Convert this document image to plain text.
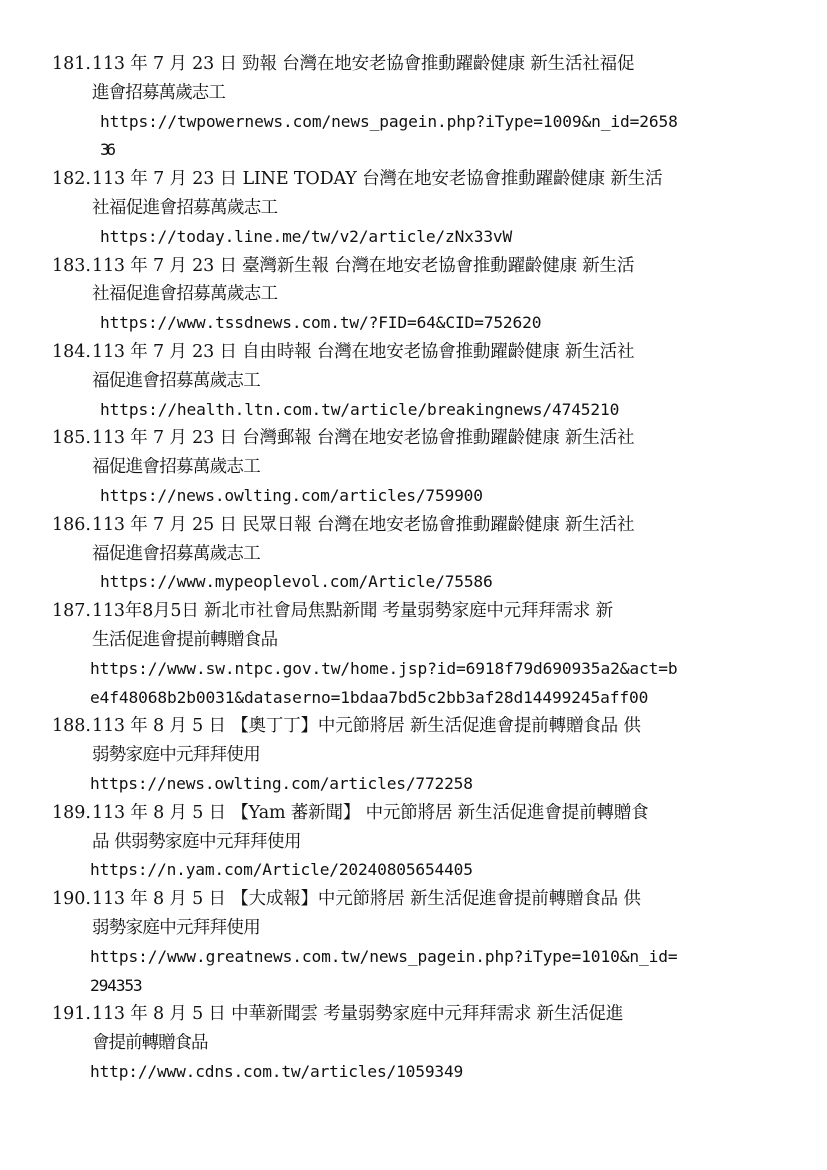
181. 113 年 7 月 23 日 勁報 台灣在地安老協會推動躍齡健康 新生活社福促
進會招募萬歲志工
https://twpowernews.com/news_pagein.php?iType=1009&n_id=2658
36
182. 113 年 7 月 23 日 LINE TODAY 台灣在地安老協會推動躍齡健康 新生活
社福促進會招募萬歲志工
https://today.line.me/tw/v2/article/zNx33vW
183. 113 年 7 月 23 日 臺灣新生報 台灣在地安老協會推動躍齡健康 新生活
社福促進會招募萬歲志工
https://www.tssdnews.com.tw/?FID=64&CID=752620
184. 113 年 7 月 23 日 自由時報 台灣在地安老協會推動躍齡健康 新生活社
福促進會招募萬歲志工
https://health.ltn.com.tw/article/breakingnews/4745210
185. 113 年 7 月 23 日 台灣郵報 台灣在地安老協會推動躍齡健康 新生活社
福促進會招募萬歲志工
https://news.owlting.com/articles/759900
186. 113 年 7 月 25 日 民眾日報 台灣在地安老協會推動躍齡健康 新生活社
福促進會招募萬歲志工
https://www.mypeoplevol.com/Article/75586
187. 113年8月5日 新北市社會局焦點新聞 考量弱勢家庭中元拜拜需求 新
生活促進會提前轉贈食品
https://www.sw.ntpc.gov.tw/home.jsp?id=6918f79d690935a2&act=b
e4f48068b2b0031&dataserno=1bdaa7bd5c2bb3af28d14499245aff00
188. 113 年 8 月 5 日 【奧丁丁】中元節將居 新生活促進會提前轉贈食品 供
弱勢家庭中元拜拜使用
https://news.owlting.com/articles/772258
189. 113 年 8 月 5 日 【Yam 蕃新聞】 中元節將居 新生活促進會提前轉贈食
品 供弱勢家庭中元拜拜使用
https://n.yam.com/Article/20240805654405
190. 113 年 8 月 5 日 【大成報】中元節將居 新生活促進會提前轉贈食品 供
弱勢家庭中元拜拜使用
https://www.greatnews.com.tw/news_pagein.php?iType=1010&n_id=
294353
191. 113 年 8 月 5 日 中華新聞雲 考量弱勢家庭中元拜拜需求 新生活促進
會提前轉贈食品
http://www.cdns.com.tw/articles/1059349
